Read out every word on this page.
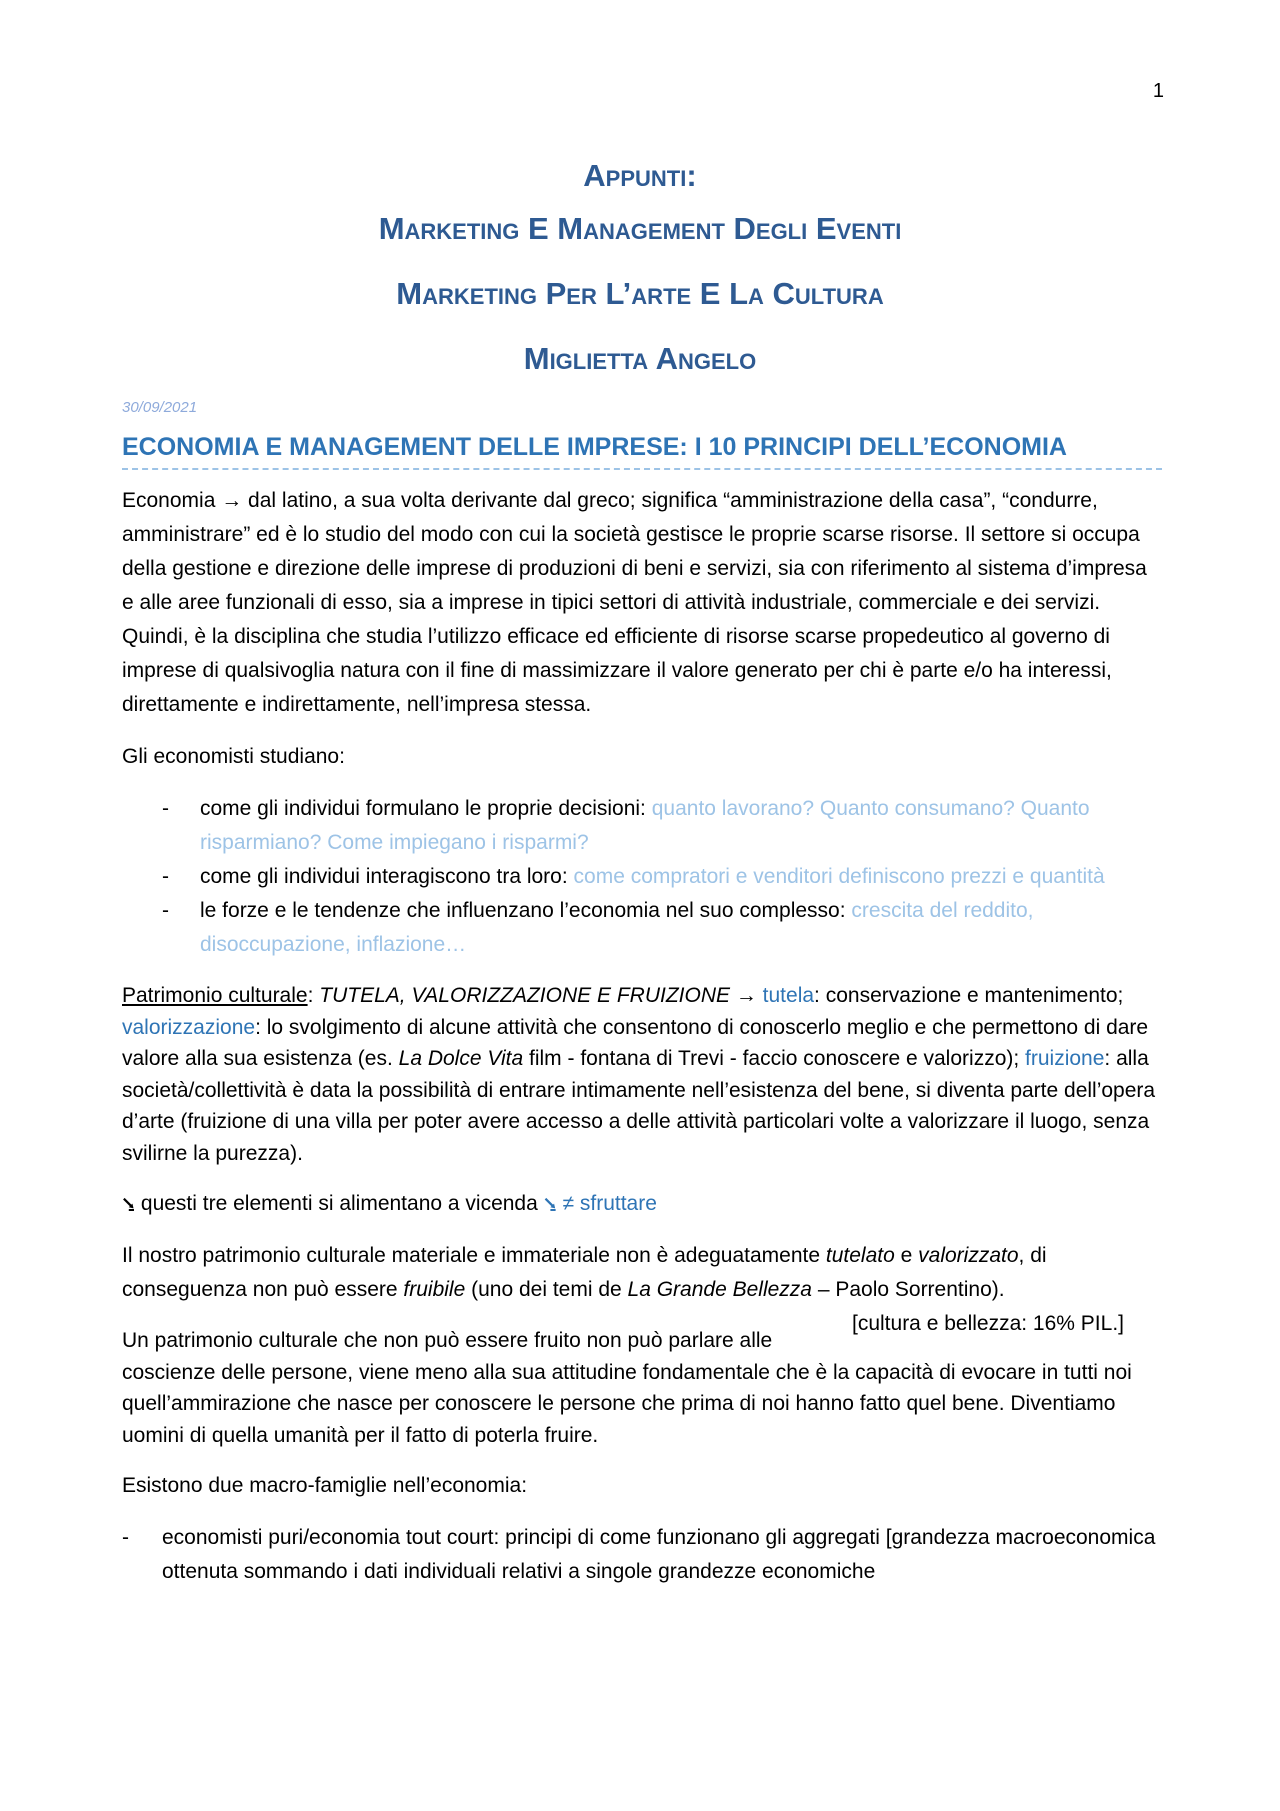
1
Appunti:
Marketing E Management Degli Eventi
Marketing Per L’arte E La Cultura
Miglietta Angelo
30/09/2021
ECONOMIA E MANAGEMENT DELLE IMPRESE: I 10 PRINCIPI DELL’ECONOMIA

Economia → dal latino, a sua volta derivante dal greco; significa “amministrazione della casa”, “condurre, amministrare” ed è lo studio del modo con cui la società gestisce le proprie scarse risorse. Il settore si occupa della gestione e direzione delle imprese di produzioni di beni e servizi, sia con riferimento al sistema d’impresa e alle aree funzionali di esso, sia a imprese in tipici settori di attività industriale, commerciale e dei servizi. Quindi, è la disciplina che studia l’utilizzo efficace ed efficiente di risorse scarse propedeutico al governo di imprese di qualsivoglia natura con il fine di massimizzare il valore generato per chi è parte e/o ha interessi, direttamente e indirettamente, nell’impresa stessa.

Gli economisti studiano:

- come gli individui formulano le proprie decisioni: quanto lavorano? Quanto consumano? Quanto risparmiano? Come impiegano i risparmi?
- come gli individui interagiscono tra loro: come compratori e venditori definiscono prezzi e quantità
- le forze e le tendenze che influenzano l’economia nel suo complesso: crescita del reddito, disoccupazione, inflazione…

Patrimonio culturale: TUTELA, VALORIZZAZIONE E FRUIZIONE → tutela: conservazione e mantenimento; valorizzazione: lo svolgimento di alcune attività che consentono di conoscerlo meglio e che permettono di dare valore alla sua esistenza (es. La Dolce Vita film - fontana di Trevi - faccio conoscere e valorizzo); fruizione: alla società/collettività è data la possibilità di entrare intimamente nell’esistenza del bene, si diventa parte dell’opera d’arte (fruizione di una villa per poter avere accesso a delle attività particolari volte a valorizzare il luogo, senza svilirne la purezza).

⭸ questi tre elementi si alimentano a vicenda ⭸ ≠ sfruttare

Il nostro patrimonio culturale materiale e immateriale non è adeguatamente tutelato e valorizzato, di conseguenza non può essere fruibile (uno dei temi de La Grande Bellezza – Paolo Sorrentino).
[cultura e bellezza: 16% PIL.]

Un patrimonio culturale che non può essere fruito non può parlare alle coscienze delle persone, viene meno alla sua attitudine fondamentale che è la capacità di evocare in tutti noi quell’ammirazione che nasce per conoscere le persone che prima di noi hanno fatto quel bene. Diventiamo uomini di quella umanità per il fatto di poterla fruire.

Esistono due macro-famiglie nell’economia:

- economisti puri/economia tout court: principi di come funzionano gli aggregati [grandezza macroeconomica ottenuta sommando i dati individuali relativi a singole grandezze economiche
